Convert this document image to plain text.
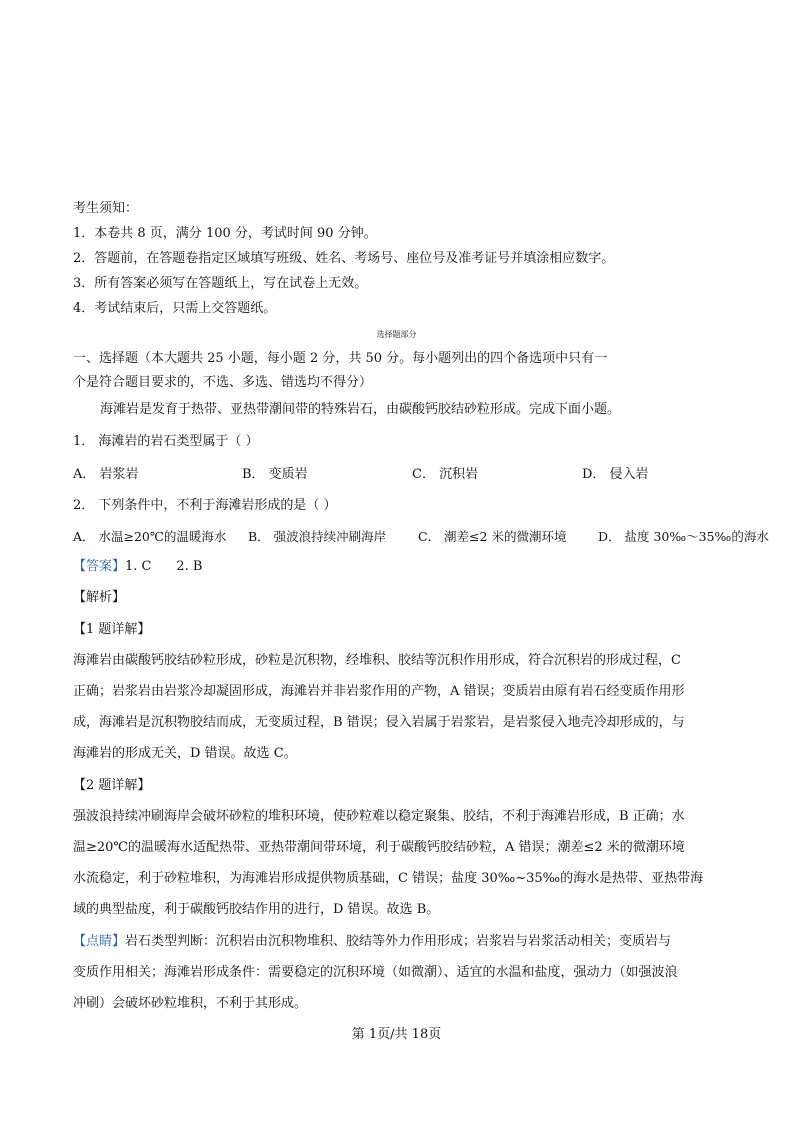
考生须知：
1．本卷共 8 页，满分 100 分，考试时间 90 分钟。
2．答题前，在答题卷指定区域填写班级、姓名、考场号、座位号及准考证号并填涂相应数字。
3．所有答案必须写在答题纸上，写在试卷上无效。
4．考试结束后，只需上交答题纸。
选择题部分
一、选择题（本大题共 25 小题，每小题 2 分，共 50 分。每小题列出的四个备选项中只有一
个是符合题目要求的，不选、多选、错选均不得分）
海滩岩是发育于热带、亚热带潮间带的特殊岩石，由碳酸钙胶结砂粒形成。完成下面小题。
1． 海滩岩的岩石类型属于（ ）
A． 岩浆岩	B． 变质岩	C． 沉积岩	D． 侵入岩
2． 下列条件中，不利于海滩岩形成的是（ ）
A． 水温≥20℃的温暖海水 B． 强波浪持续冲刷海岸	C． 潮差≤2 米的微潮环境	D． 盐度 30‰～35‰的海水
【答案】1. C      2. B
【解析】
【1 题详解】
海滩岩由碳酸钙胶结砂粒形成，砂粒是沉积物，经堆积、胶结等沉积作用形成，符合沉积岩的形成过程，C
正确；岩浆岩由岩浆冷却凝固形成，海滩岩并非岩浆作用的产物，A 错误；变质岩由原有岩石经变质作用形
成，海滩岩是沉积物胶结而成，无变质过程，B 错误；侵入岩属于岩浆岩，是岩浆侵入地壳冷却形成的，与
海滩岩的形成无关，D 错误。故选 C。
【2 题详解】
强波浪持续冲刷海岸会破坏砂粒的堆积环境，使砂粒难以稳定聚集、胶结，不利于海滩岩形成，B 正确；水
温≥20℃的温暖海水适配热带、亚热带潮间带环境，利于碳酸钙胶结砂粒，A 错误；潮差≤2 米的微潮环境
水流稳定，利于砂粒堆积，为海滩岩形成提供物质基础，C 错误；盐度 30‰~35‰的海水是热带、亚热带海
域的典型盐度，利于碳酸钙胶结作用的进行，D 错误。故选 B。
【点睛】岩石类型判断：沉积岩由沉积物堆积、胶结等外力作用形成；岩浆岩与岩浆活动相关；变质岩与
变质作用相关；海滩岩形成条件：需要稳定的沉积环境（如微潮）、适宜的水温和盐度，强动力（如强波浪
冲刷）会破坏砂粒堆积，不利于其形成。
第 1页/共 18页
